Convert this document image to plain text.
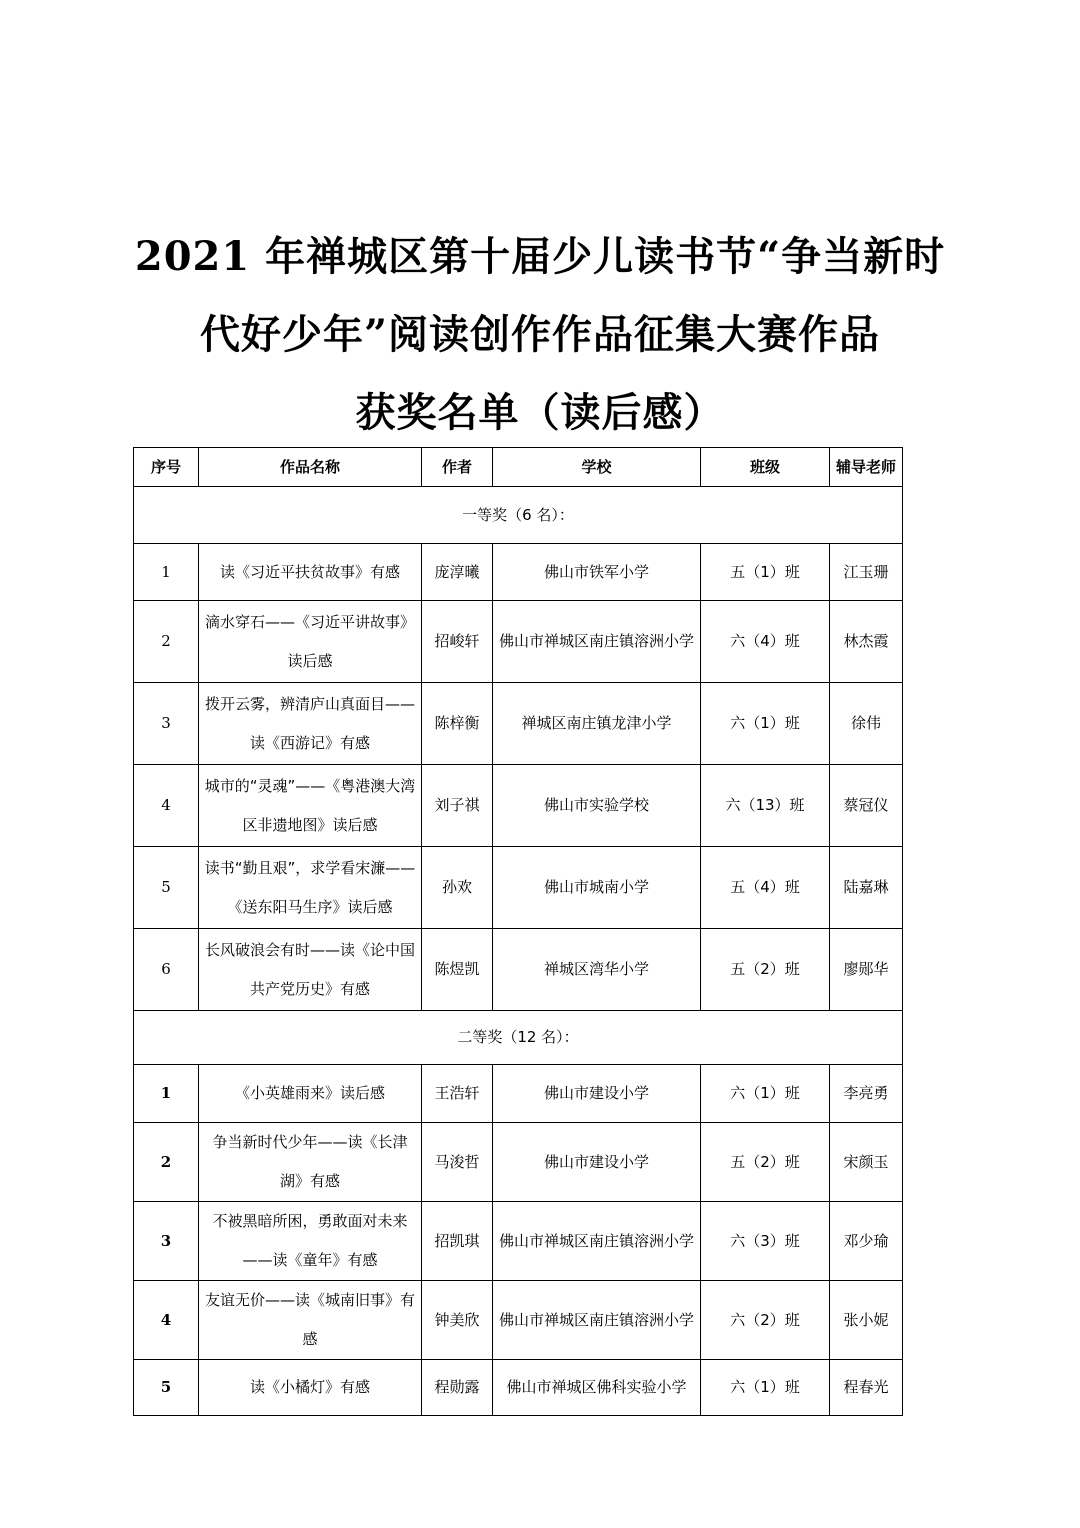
2021 年禅城区第十届少儿读书节“争当新时
代好少年”阅读创作作品征集大赛作品
获奖名单（读后感）
序号	作品名称	作者	学校	班级	辅导老师
一等奖（6 名）：					
1	读《习近平扶贫故事》有感	庞淳曦	佛山市铁军小学	五（1）班	江玉珊
2	滴水穿石——《习近平讲故事》读后感	招峻轩	佛山市禅城区南庄镇溶洲小学	六（4）班	林杰霞
3	拨开云雾，辨清庐山真面目——读《西游记》有感	陈梓衡	禅城区南庄镇龙津小学	六（1）班	徐伟
4	城市的“灵魂”——《粤港澳大湾区非遗地图》读后感	刘子祺	佛山市实验学校	六（13）班	蔡冠仪
5	读书“勤且艰”，求学看宋濂——《送东阳马生序》读后感	孙欢	佛山市城南小学	五（4）班	陆嘉琳
6	长风破浪会有时——读《论中国共产党历史》有感	陈煜凯	禅城区湾华小学	五（2）班	廖郧华
二等奖（12 名）：					
1	《小英雄雨来》读后感	王浩轩	佛山市建设小学	六（1）班	李亮勇
2	争当新时代少年——读《长津湖》有感	马浚哲	佛山市建设小学	五（2）班	宋颜玉
3	不被黑暗所困，勇敢面对未来——读《童年》有感	招凯琪	佛山市禅城区南庄镇溶洲小学	六（3）班	邓少瑜
4	友谊无价——读《城南旧事》有感	钟美欣	佛山市禅城区南庄镇溶洲小学	六（2）班	张小妮
5	读《小橘灯》有感	程勋露	佛山市禅城区佛科实验小学	六（1）班	程春光
